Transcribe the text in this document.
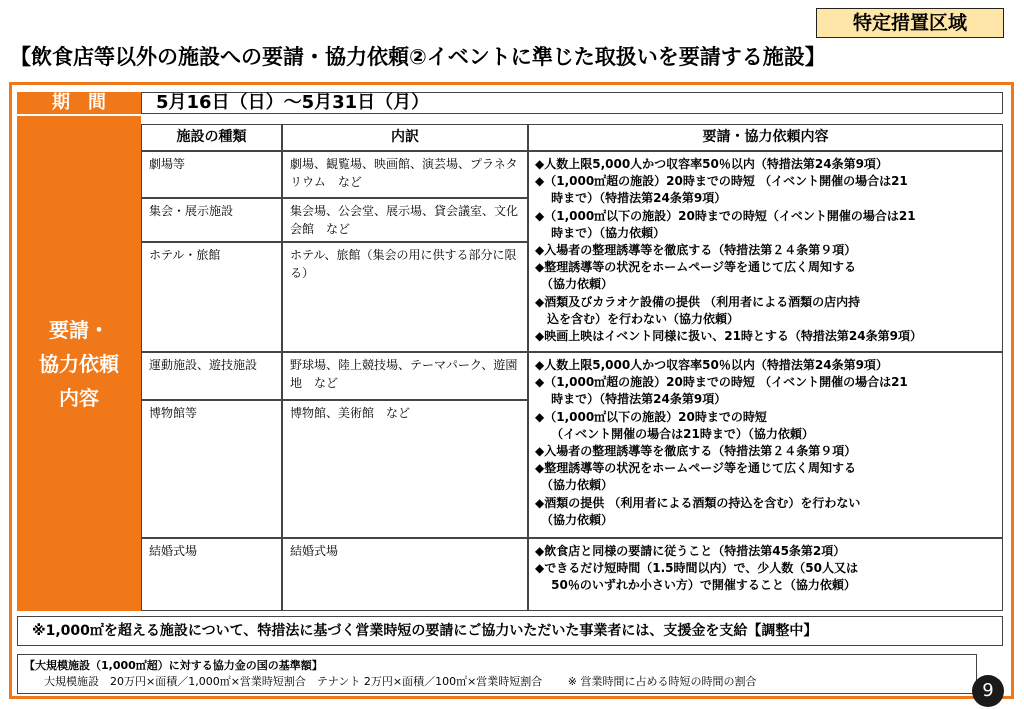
特定措置区域
【飲食店等以外の施設への要請・協力依頼②イベントに準じた取扱いを要請する施設】
期間	5月16日（日）～5月31日（月）
要請・
協力依頼
内容
施設の種類	内訳	要請・協力依頼内容
劇場等	劇場、観覧場、映画館、演芸場、プラネタリウム　など
集会・展示施設	集会場、公会堂、展示場、貸会議室、文化会館　など
ホテル・旅館	ホテル、旅館（集会の用に供する部分に限る）
◆人数上限5,000人かつ収容率50％以内（特措法第24条第9項）
◆（1,000㎡超の施設）20時までの時短 （イベント開催の場合は21
　 時まで）（特措法第24条第9項）
◆（1,000㎡以下の施設）20時までの時短（イベント開催の場合は21
　 時まで）（協力依頼）
◆入場者の整理誘導等を徹底する（特措法第２４条第９項）
◆整理誘導等の状況をホームページ等を通じて広く周知する
　（協力依頼）
◆酒類及びカラオケ設備の提供 （利用者による酒類の店内持
　込を含む）を行わない（協力依頼）
◆映画上映はイベント同様に扱い、21時とする（特措法第24条第9項）
運動施設、遊技施設	野球場、陸上競技場、テーマパーク、遊園地　など
博物館等	博物館、美術館　など
◆人数上限5,000人かつ収容率50％以内（特措法第24条第9項）
◆（1,000㎡超の施設）20時までの時短 （イベント開催の場合は21
　 時まで）（特措法第24条第9項）
◆（1,000㎡以下の施設）20時までの時短
　 （イベント開催の場合は21時まで）（協力依頼）
◆入場者の整理誘導等を徹底する（特措法第２４条第９項）
◆整理誘導等の状況をホームページ等を通じて広く周知する
　（協力依頼）
◆酒類の提供 （利用者による酒類の持込を含む）を行わない
　（協力依頼）
結婚式場	結婚式場	◆飲食店と同様の要請に従うこと（特措法第45条第2項）
◆できるだけ短時間（1.5時間以内）で、少人数（50人又は
　 50％のいずれか小さい方）で開催すること（協力依頼）
※1,000㎡を超える施設について、特措法に基づく営業時短の要請にご協力いただいた事業者には、支援金を支給【調整中】
【大規模施設（1,000㎡超）に対する協力金の国の基準額】
大規模施設　20万円×面積／1,000㎡×営業時短割合　テナント 2万円×面積／100㎡×営業時短割合　　 ※ 営業時間に占める時短の時間の割合	9
